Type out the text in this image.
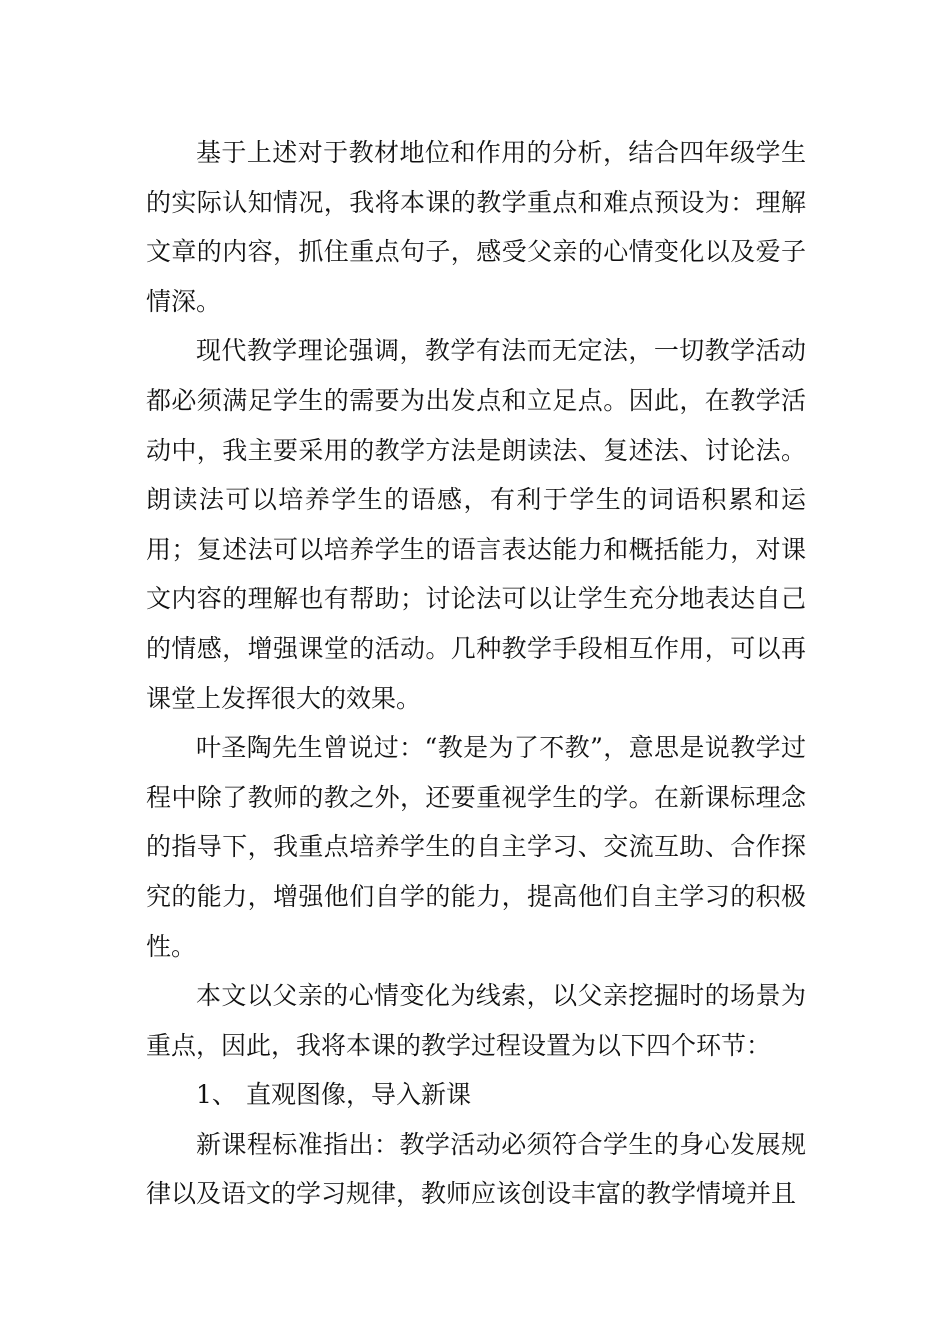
基于上述对于教材地位和作用的分析，结合四年级学生的实际认知情况，我将本课的教学重点和难点预设为：理解文章的内容，抓住重点句子，感受父亲的心情变化以及爱子情深。

现代教学理论强调，教学有法而无定法，一切教学活动都必须满足学生的需要为出发点和立足点。因此，在教学活动中，我主要采用的教学方法是朗读法、复述法、讨论法。朗读法可以培养学生的语感，有利于学生的词语积累和运用；复述法可以培养学生的语言表达能力和概括能力，对课文内容的理解也有帮助；讨论法可以让学生充分地表达自己的情感，增强课堂的活动。几种教学手段相互作用，可以再课堂上发挥很大的效果。

叶圣陶先生曾说过：“教是为了不教”，意思是说教学过程中除了教师的教之外，还要重视学生的学。在新课标理念的指导下，我重点培养学生的自主学习、交流互助、合作探究的能力，增强他们自学的能力，提高他们自主学习的积极性。

本文以父亲的心情变化为线索，以父亲挖掘时的场景为重点，因此，我将本课的教学过程设置为以下四个环节：

1、 直观图像，导入新课

新课程标准指出：教学活动必须符合学生的身心发展规律以及语文的学习规律，教师应该创设丰富的教学情境并且
